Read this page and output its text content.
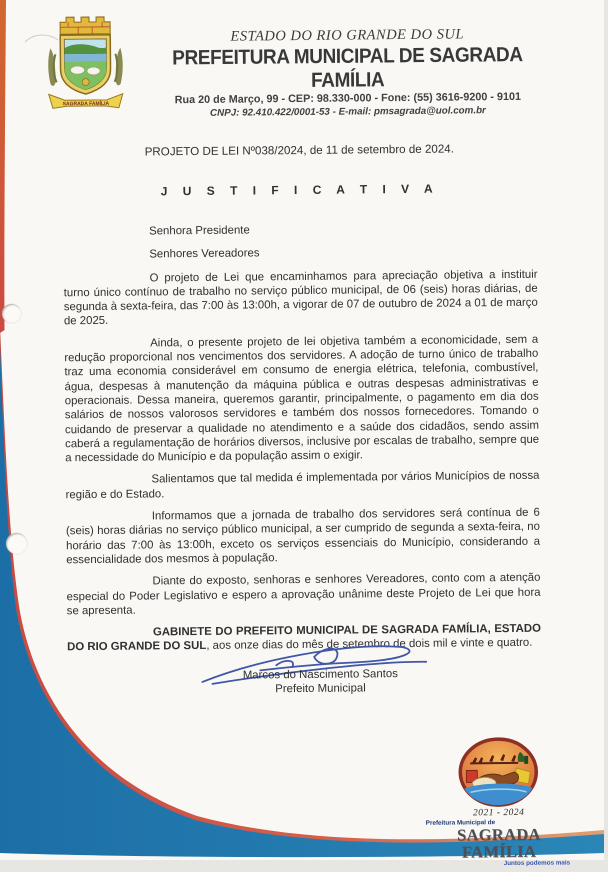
SAGRADA FAMÍLIA
ESTADO DO RIO GRANDE DO SUL
PREFEITURA MUNICIPAL DE SAGRADA FAMÍLIA
Rua 20 de Março, 99 - CEP: 98.330-000 - Fone: (55) 3616-9200 - 9101
CNPJ: 92.410.422/0001-53 - E-mail: pmsagrada@uol.com.br
PROJETO DE LEI Nº038/2024, de 11 de setembro de 2024.
J U S T I F I C A T I V A

Senhora Presidente

Senhores Vereadores

O projeto de Lei que encaminhamos para apreciação objetiva a instituir turno único contínuo de trabalho no serviço público municipal, de 06 (seis) horas diárias, de segunda à sexta-feira, das 7:00 às 13:00h, a vigorar de 07 de outubro de 2024 a 01 de março de 2025.

Ainda, o presente projeto de lei objetiva também a economicidade, sem a redução proporcional nos vencimentos dos servidores. A adoção de turno único de trabalho traz uma economia considerável em consumo de energia elétrica, telefonia, combustível, água, despesas à manutenção da máquina pública e outras despesas administrativas e operacionais. Dessa maneira, queremos garantir, principalmente, o pagamento em dia dos salários de nossos valorosos servidores e também dos nossos fornecedores. Tomando o cuidando de preservar a qualidade no atendimento e a saúde dos cidadãos, sendo assim caberá a regulamentação de horários diversos, inclusive por escalas de trabalho, sempre que a necessidade do Município e da população assim o exigir.

Salientamos que tal medida é implementada por vários Municípios de nossa região e do Estado.

Informamos que a jornada de trabalho dos servidores será contínua de 6 (seis) horas diárias no serviço público municipal, a ser cumprido de segunda a sexta-feira, no horário das 7:00 às 13:00h, exceto os serviços essenciais do Município, considerando a essencialidade dos mesmos à população.

Diante do exposto, senhoras e senhores Vereadores, conto com a atenção especial do Poder Legislativo e espero a aprovação unânime deste Projeto de Lei que hora se apresenta.

GABINETE DO PREFEITO MUNICIPAL DE SAGRADA FAMÍLIA, ESTADO DO RIO GRANDE DO SUL, aos onze dias do mês de setembro de dois mil e vinte e quatro.

Marcos do Nascimento Santos
Prefeito Municipal
2021 - 2024
Prefeitura Municipal de
SAGRADA FAMÍLIA
Juntos podemos mais
